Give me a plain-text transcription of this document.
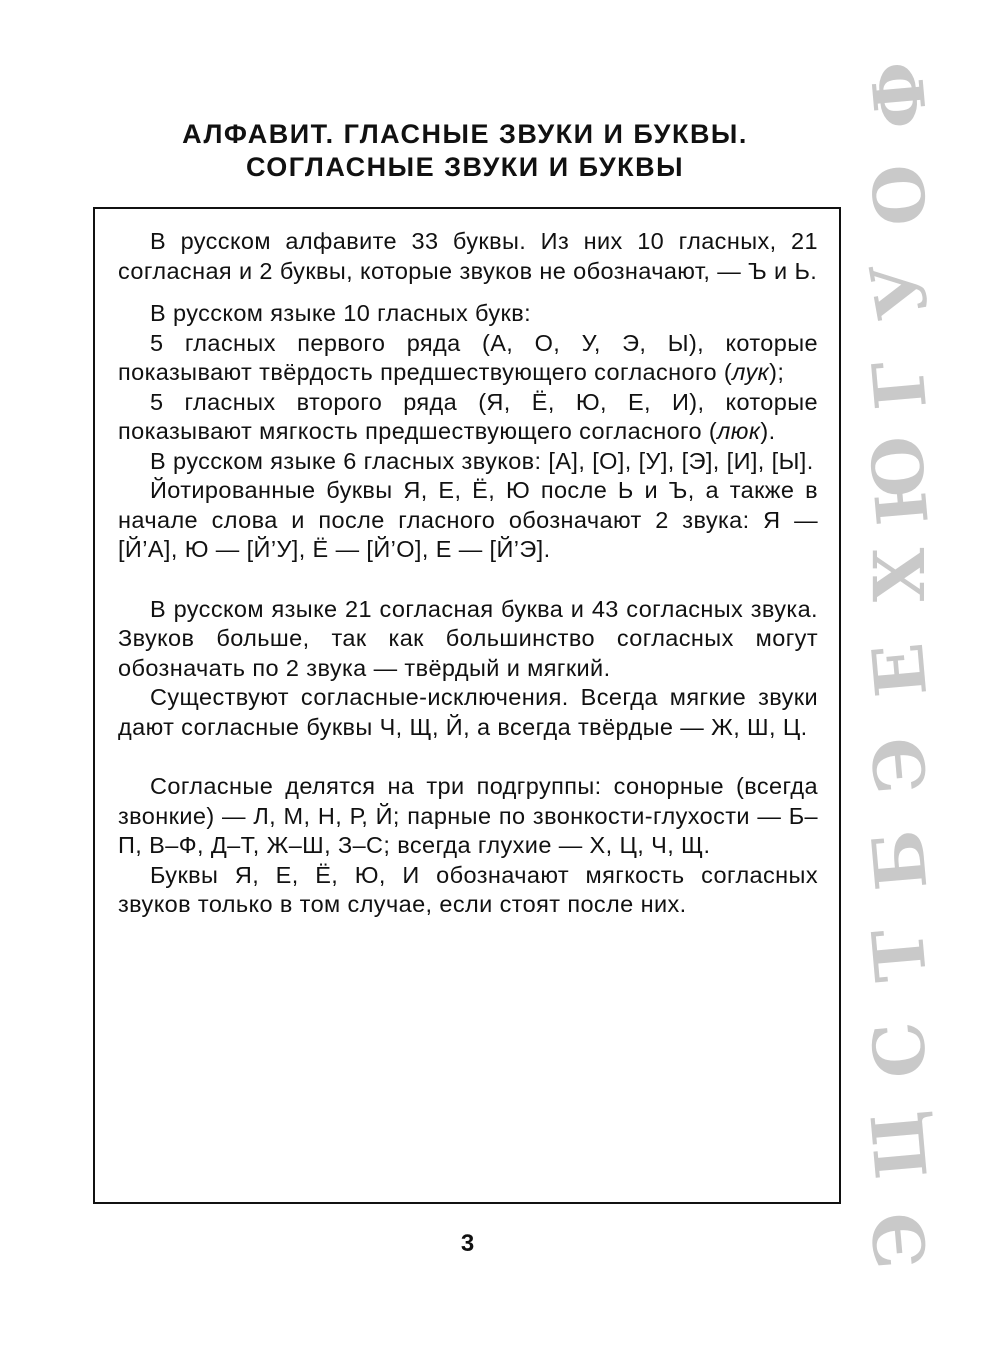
АЛФАВИТ. ГЛАСНЫЕ ЗВУКИ И БУКВЫ.
СОГЛАСНЫЕ ЗВУКИ И БУКВЫ

В русском алфавите 33 буквы. Из них 10 гласных, 21 согласная и 2 буквы, которые звуков не обозначают, — Ъ и Ь.

В русском языке 10 гласных букв:

5 гласных первого ряда (А, О, У, Э, Ы), которые показывают твёрдость предшествующего согласного (лук);

5 гласных второго ряда (Я, Ё, Ю, Е, И), которые показывают мягкость предшествующего согласного (люк).

В русском языке 6 гласных звуков: [А], [О], [У], [Э], [И], [Ы].

Йотированные буквы Я, Е, Ё, Ю после Ь и Ъ, а также в начале слова и после гласного обозначают 2 звука: Я — [Й’А], Ю — [Й’У], Ё — [Й’О], Е — [Й’Э].

В русском языке 21 согласная буква и 43 согласных звука. Звуков больше, так как большинство согласных могут обозначать по 2 звука — твёрдый и мягкий.

Существуют согласные-исключения. Всегда мягкие звуки дают согласные буквы Ч, Щ, Й, а всегда твёрдые — Ж, Ш, Ц.

Согласные делятся на три подгруппы: сонорные (всегда звонкие) — Л, М, Н, Р, Й; парные по звонкости-глухости — Б–П, В–Ф, Д–Т, Ж–Ш, З–С; всегда глухие — Х, Ц, Ч, Щ.

Буквы Я, Е, Ё, Ю, И обозначают мягкость согласных звуков только в том случае, если стоят после них.

3
Ф
О
У
Г
Ю
Х
Е
Э
Б
Т
С
Ц
Э
